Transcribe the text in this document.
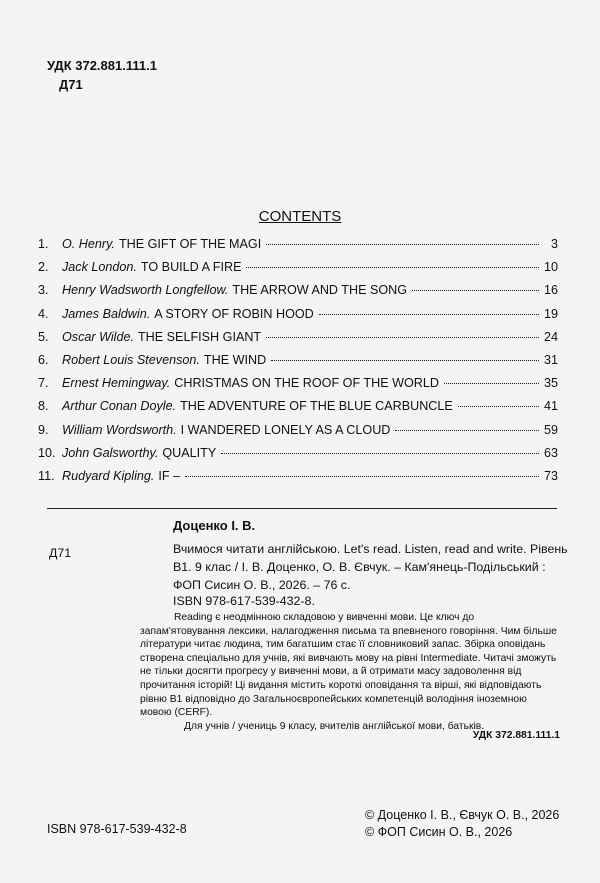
УДК 372.881.111.1
Д71
CONTENTS
1.	O. Henry. THE GIFT OF THE MAGI	3
2.	Jack London. TO BUILD A FIRE	10
3.	Henry Wadsworth Longfellow. THE ARROW AND THE SONG	16
4.	James Baldwin. A STORY OF ROBIN HOOD	19
5.	Oscar Wilde. THE SELFISH GIANT	24
6.	Robert Louis Stevenson. THE WIND	31
7.	Ernest Hemingway. CHRISTMAS ON THE ROOF OF THE WORLD	35
8.	Arthur Conan Doyle. THE ADVENTURE OF THE BLUE CARBUNCLE	41
9.	William Wordsworth. I WANDERED LONELY AS A CLOUD	59
10. John Galsworthy. QUALITY	63
11. Rudyard Kipling. IF –	73
Доценко І. В.
Д71	Вчимося читати англійською. Let's read. Listen, read and write. Рівень В1. 9 клас / І. В. Доценко, О. В. Євчук. – Кам'янець-Подільський : ФОП Сисин О. В., 2026. – 76 с.
ISBN 978-617-539-432-8.

Reading є неодмінною складовою у вивченні мови. Це ключ до запам'ятовування лексики, налагодження письма та впевненого говоріння. Чим більше літератури читає людина, тим багатшим стає її словниковий запас. Збірка оповідань створена спеціально для учнів, які вивчають мову на рівні Intermediate. Читачі зможуть не тільки досягти прогресу у вивченні мови, а й отримати масу задоволення від прочитання історій! Ці видання містить короткі оповідання та вірші, які відповідають рівню В1 відповідно до Загальноєвропейських компетенцій володіння іноземною мовою (CERF).

Для учнів / учениць 9 класу, вчителів англійської мови, батьків.

УДК 372.881.111.1
ISBN 978-617-539-432-8
© Доценко І. В., Євчук О. В., 2026
© ФОП Сисин О. В., 2026
